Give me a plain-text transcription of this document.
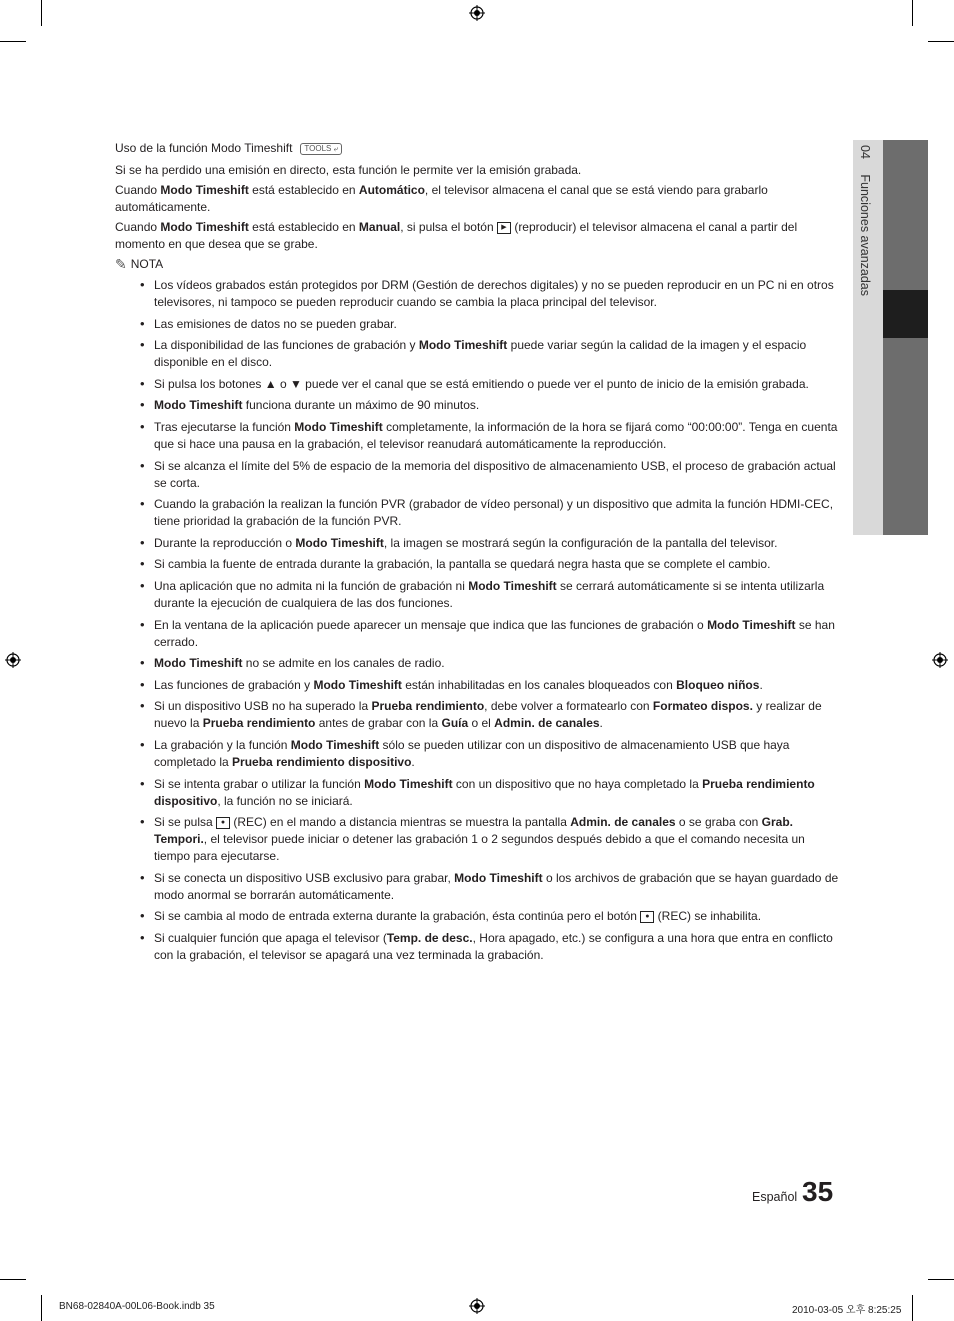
04 Funciones avanzadas
Uso de la función Modo Timeshift	TOOLS ⤶

Si se ha perdido una emisión en directo, esta función le permite ver la emisión grabada.

Cuando Modo Timeshift está establecido en Automático, el televisor almacena el canal que se está viendo para grabarlo automáticamente.

Cuando Modo Timeshift está establecido en Manual, si pulsa el botón ▶ (reproducir) el televisor almacena el canal a partir del momento en que desea que se grabe.

✎ NOTA
• Los vídeos grabados están protegidos por DRM (Gestión de derechos digitales) y no se pueden reproducir en un PC ni en otros televisores, ni tampoco se pueden reproducir cuando se cambia la placa principal del televisor.
• Las emisiones de datos no se pueden grabar.
• La disponibilidad de las funciones de grabación y Modo Timeshift puede variar según la calidad de la imagen y el espacio disponible en el disco.
• Si pulsa los botones ▲ o ▼ puede ver el canal que se está emitiendo o puede ver el punto de inicio de la emisión grabada.
• Modo Timeshift funciona durante un máximo de 90 minutos.
• Tras ejecutarse la función Modo Timeshift completamente, la información de la hora se fijará como “00:00:00”. Tenga en cuenta que si hace una pausa en la grabación, el televisor reanudará automáticamente la reproducción.
• Si se alcanza el límite del 5% de espacio de la memoria del dispositivo de almacenamiento USB, el proceso de grabación actual se corta.
• Cuando la grabación la realizan la función PVR (grabador de vídeo personal) y un dispositivo que admita la función HDMI-CEC, tiene prioridad la grabación de la función PVR.
• Durante la reproducción o Modo Timeshift, la imagen se mostrará según la configuración de la pantalla del televisor.
• Si cambia la fuente de entrada durante la grabación, la pantalla se quedará negra hasta que se complete el cambio.
• Una aplicación que no admita ni la función de grabación ni Modo Timeshift se cerrará automáticamente si se intenta utilizarla durante la ejecución de cualquiera de las dos funciones.
• En la ventana de la aplicación puede aparecer un mensaje que indica que las funciones de grabación o Modo Timeshift se han cerrado.
• Modo Timeshift no se admite en los canales de radio.
• Las funciones de grabación y Modo Timeshift están inhabilitadas en los canales bloqueados con Bloqueo niños.
• Si un dispositivo USB no ha superado la Prueba rendimiento, debe volver a formatearlo con Formateo dispos. y realizar de nuevo la Prueba rendimiento antes de grabar con la Guía o el Admin. de canales.
• La grabación y la función Modo Timeshift sólo se pueden utilizar con un dispositivo de almacenamiento USB que haya completado la Prueba rendimiento dispositivo.
• Si se intenta grabar o utilizar la función Modo Timeshift con un dispositivo que no haya completado la Prueba rendimiento dispositivo, la función no se iniciará.
• Si se pulsa ● (REC) en el mando a distancia mientras se muestra la pantalla Admin. de canales o se graba con Grab. Tempori., el televisor puede iniciar o detener las grabación 1 o 2 segundos después debido a que el comando necesita un tiempo para ejecutarse.
• Si se conecta un dispositivo USB exclusivo para grabar, Modo Timeshift o los archivos de grabación que se hayan guardado de modo anormal se borrarán automáticamente.
• Si se cambia al modo de entrada externa durante la grabación, ésta continúa pero el botón ● (REC) se inhabilita.
• Si cualquier función que apaga el televisor (Temp. de desc., Hora apagado, etc.) se configura a una hora que entra en conflicto con la grabación, el televisor se apagará una vez terminada la grabación.
Español 35
BN68-02840A-00L06-Book.indb 35	2010-03-05 오후 8:25:25
